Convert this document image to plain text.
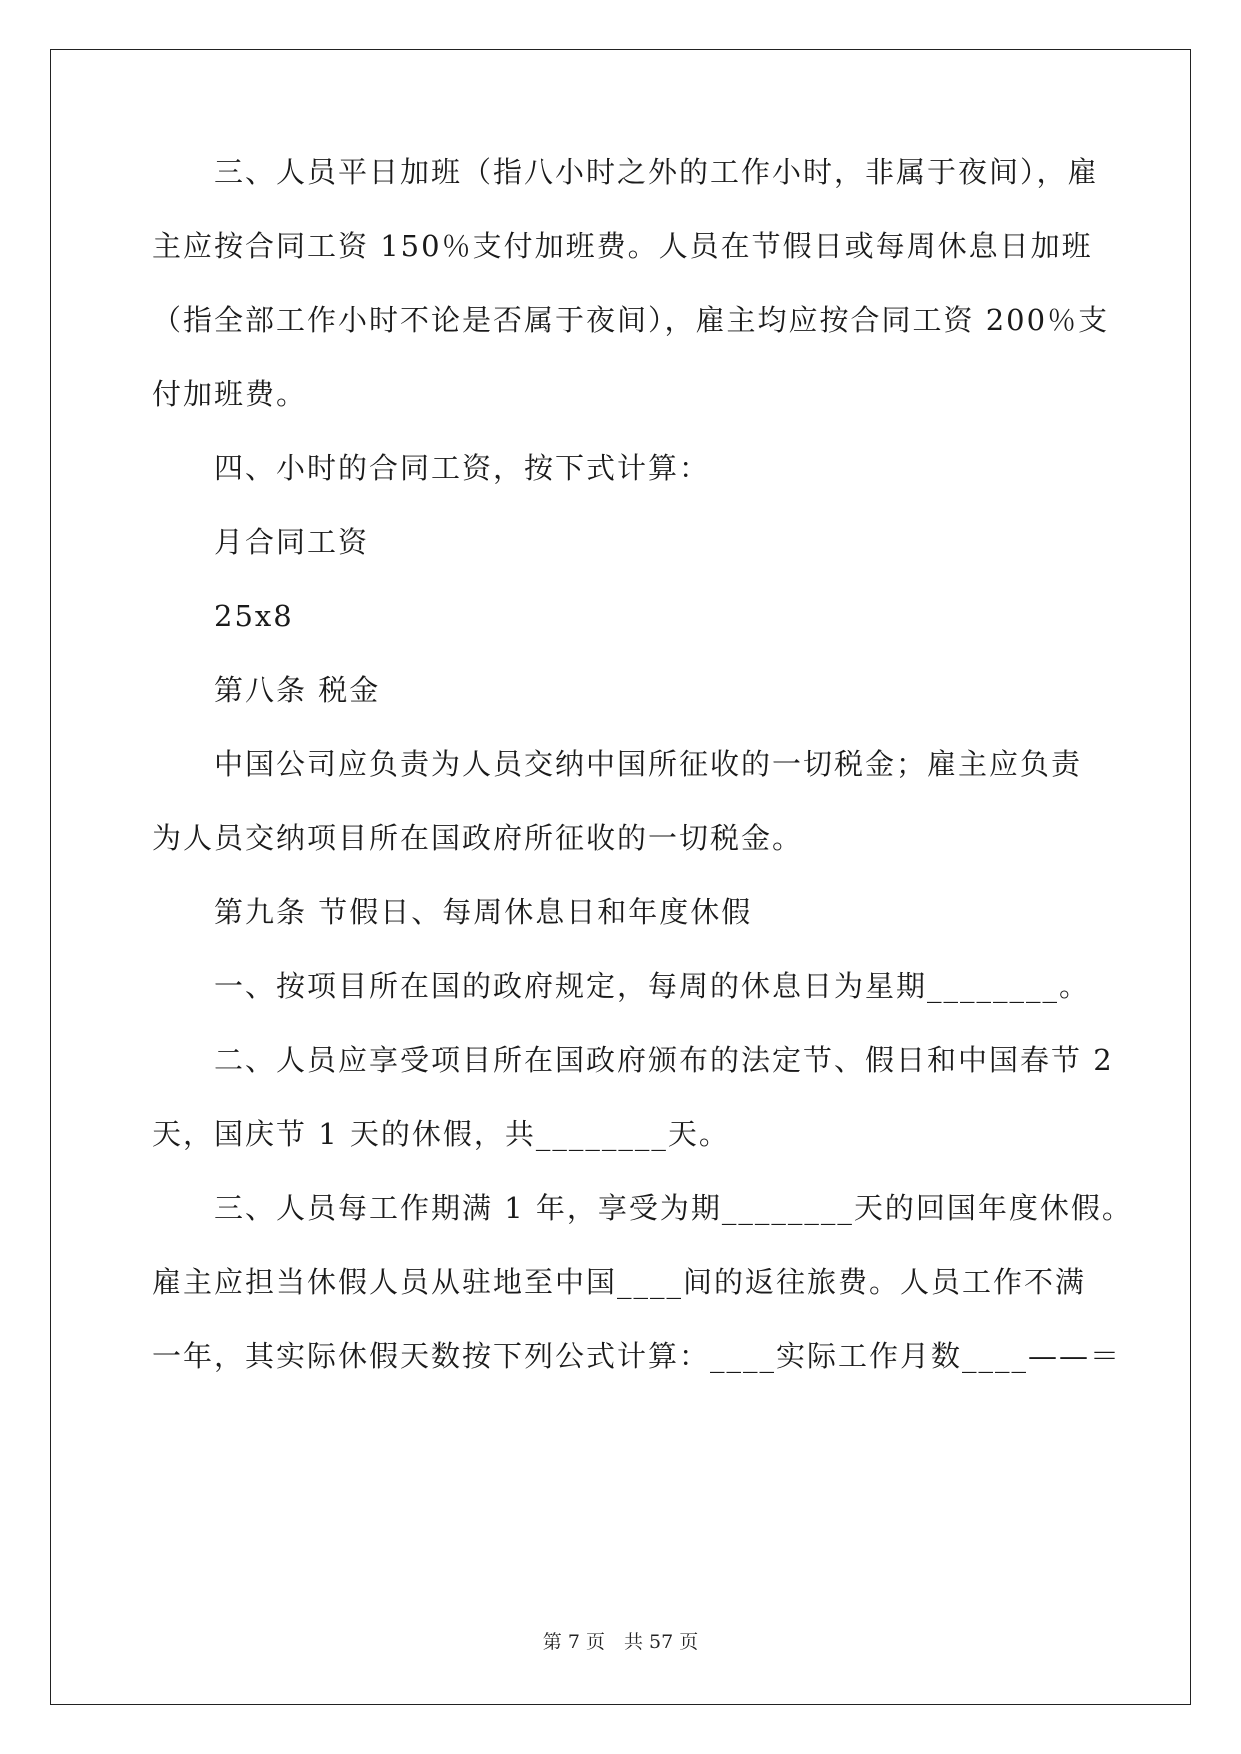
　　三、人员平日加班（指八小时之外的工作小时，非属于夜间），雇
主应按合同工资 150％支付加班费。人员在节假日或每周休息日加班
（指全部工作小时不论是否属于夜间），雇主均应按合同工资 200％支
付加班费。
　　四、小时的合同工资，按下式计算：
　　月合同工资
　　25x8
　　第八条 税金
　　中国公司应负责为人员交纳中国所征收的一切税金；雇主应负责
为人员交纳项目所在国政府所征收的一切税金。
　　第九条 节假日、每周休息日和年度休假
　　一、按项目所在国的政府规定，每周的休息日为星期________。
　　二、人员应享受项目所在国政府颁布的法定节、假日和中国春节 2
天，国庆节 1 天的休假，共________天。
　　三、人员每工作期满 1 年，享受为期________天的回国年度休假。
雇主应担当休假人员从驻地至中国____间的返往旅费。人员工作不满
一年，其实际休假天数按下列公式计算：____实际工作月数____——＝
第 7 页　共 57 页
